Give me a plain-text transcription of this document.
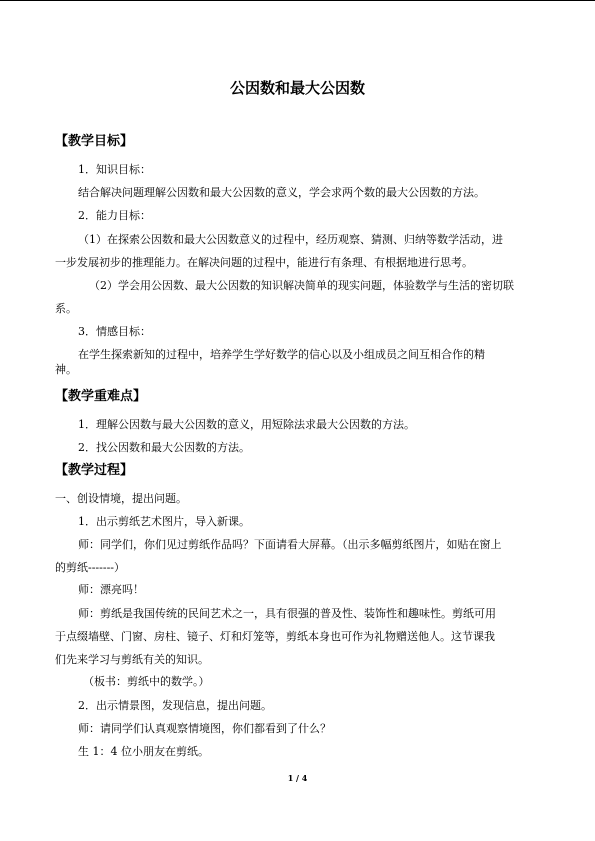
公因数和最大公因数
【教学目标】

1．知识目标：

结合解决问题理解公因数和最大公因数的意义，学会求两个数的最大公因数的方法。

2．能力目标：

（1）在探索公因数和最大公因数意义的过程中，经历观察、猜测、归纳等数学活动，进

一步发展初步的推理能力。在解决问题的过程中，能进行有条理、有根据地进行思考。

（2）学会用公因数、最大公因数的知识解决简单的现实问题，体验数学与生活的密切联

系。

3．情感目标：

在学生探索新知的过程中，培养学生学好数学的信心以及小组成员之间互相合作的精

神。

【教学重难点】

1．理解公因数与最大公因数的意义，用短除法求最大公因数的方法。

2．找公因数和最大公因数的方法。

【教学过程】

一、创设情境，提出问题。

1．出示剪纸艺术图片，导入新课。

师：同学们，你们见过剪纸作品吗？下面请看大屏幕。（出示多幅剪纸图片，如贴在窗上

的剪纸-------）

师：漂亮吗！

师：剪纸是我国传统的民间艺术之一，具有很强的普及性、装饰性和趣味性。剪纸可用

于点缀墙壁、门窗、房柱、镜子、灯和灯笼等，剪纸本身也可作为礼物赠送他人。这节课我

们先来学习与剪纸有关的知识。

（板书：剪纸中的数学。）

2．出示情景图，发现信息，提出问题。

师：请同学们认真观察情境图，你们都看到了什么？

生 1：4 位小朋友在剪纸。

1 / 4
